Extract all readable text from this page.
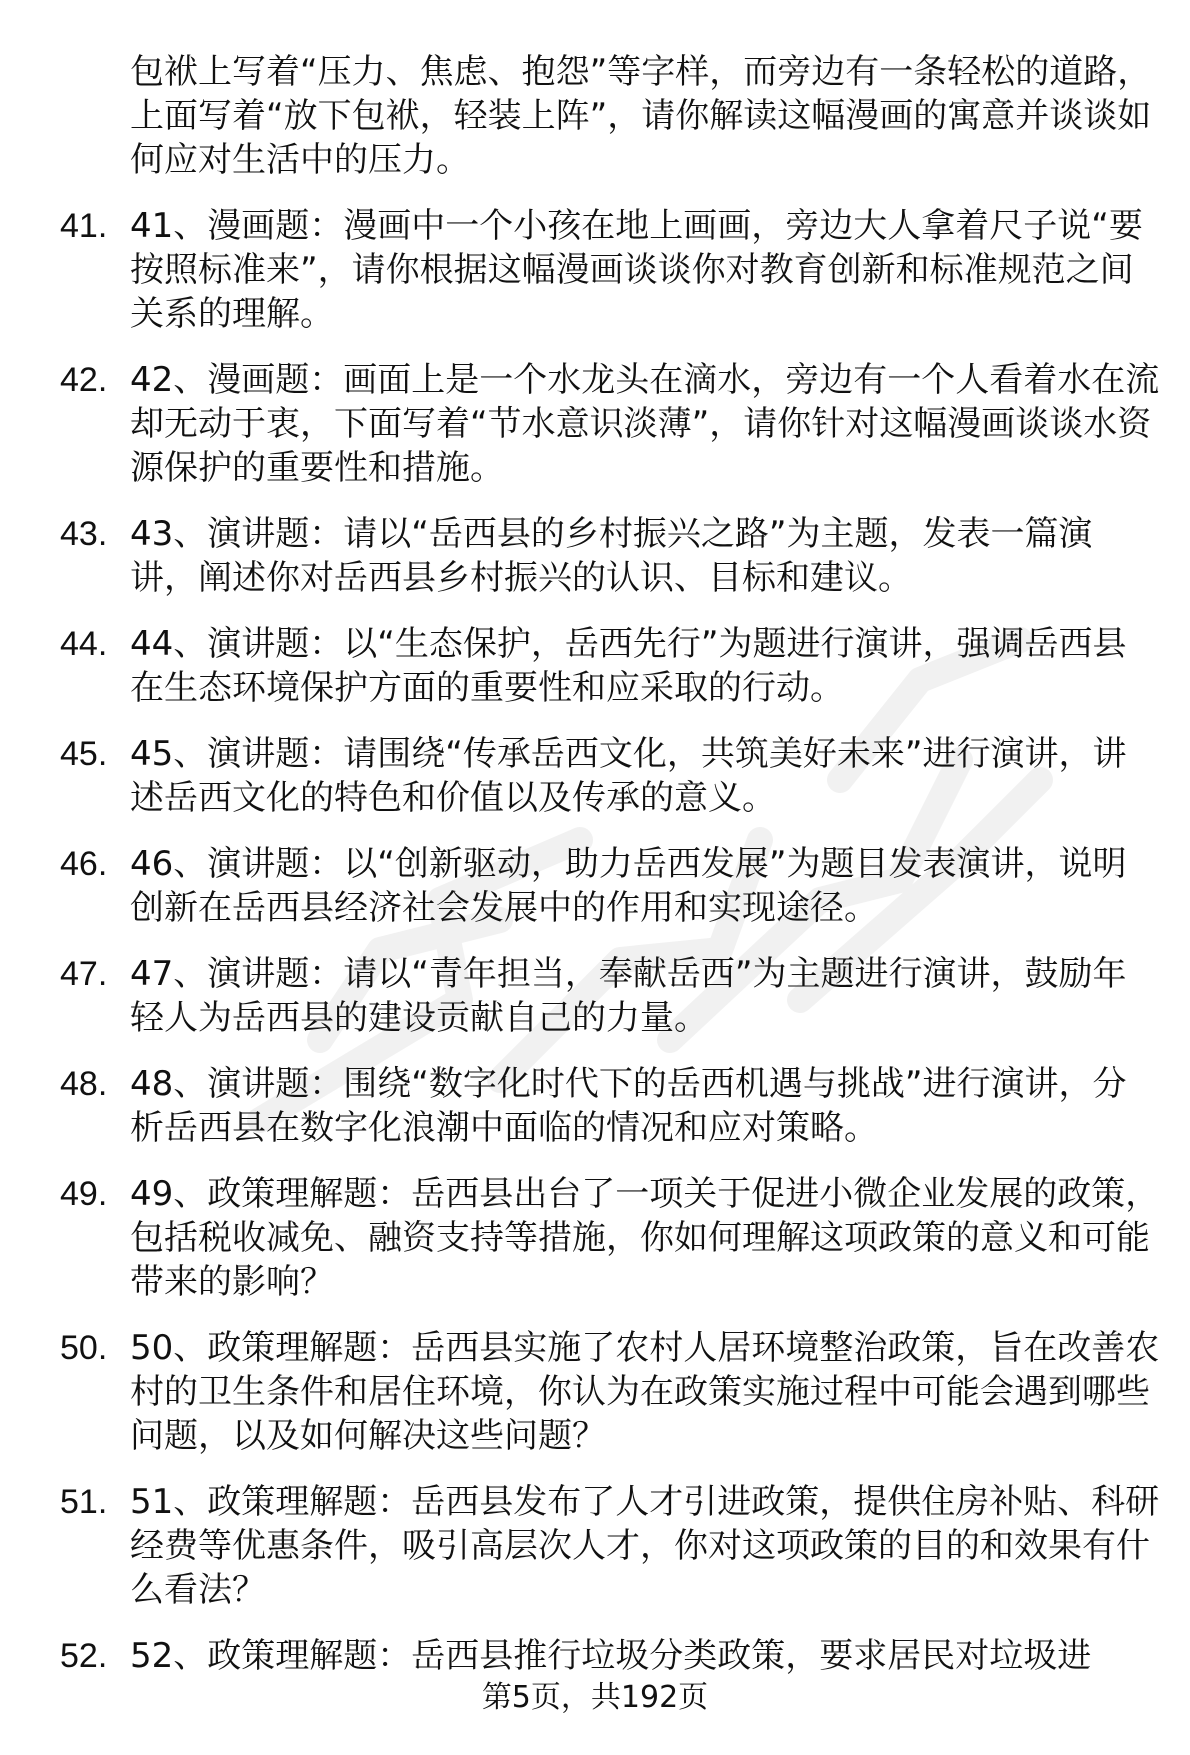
包袱上写着“压力、焦虑、抱怨”等字样，而旁边有一条轻松的道路，上面写着“放下包袱，轻装上阵”，请你解读这幅漫画的寓意并谈谈如何应对生活中的压力。
41. 41、漫画题：漫画中一个小孩在地上画画，旁边大人拿着尺子说“要按照标准来”，请你根据这幅漫画谈谈你对教育创新和标准规范之间关系的理解。
42. 42、漫画题：画面上是一个水龙头在滴水，旁边有一个人看着水在流却无动于衷，下面写着“节水意识淡薄”，请你针对这幅漫画谈谈水资源保护的重要性和措施。
43. 43、演讲题：请以“岳西县的乡村振兴之路”为主题，发表一篇演讲，阐述你对岳西县乡村振兴的认识、目标和建议。
44. 44、演讲题：以“生态保护，岳西先行”为题进行演讲，强调岳西县在生态环境保护方面的重要性和应采取的行动。
45. 45、演讲题：请围绕“传承岳西文化，共筑美好未来”进行演讲，讲述岳西文化的特色和价值以及传承的意义。
46. 46、演讲题：以“创新驱动，助力岳西发展”为题目发表演讲，说明创新在岳西县经济社会发展中的作用和实现途径。
47. 47、演讲题：请以“青年担当，奉献岳西”为主题进行演讲，鼓励年轻人为岳西县的建设贡献自己的力量。
48. 48、演讲题：围绕“数字化时代下的岳西机遇与挑战”进行演讲，分析岳西县在数字化浪潮中面临的情况和应对策略。
49. 49、政策理解题：岳西县出台了一项关于促进小微企业发展的政策，包括税收减免、融资支持等措施，你如何理解这项政策的意义和可能带来的影响？
50. 50、政策理解题：岳西县实施了农村人居环境整治政策，旨在改善农村的卫生条件和居住环境，你认为在政策实施过程中可能会遇到哪些问题，以及如何解决这些问题？
51. 51、政策理解题：岳西县发布了人才引进政策，提供住房补贴、科研经费等优惠条件，吸引高层次人才，你对这项政策的目的和效果有什么看法？
52. 52、政策理解题：岳西县推行垃圾分类政策，要求居民对垃圾进
第5页，共192页
